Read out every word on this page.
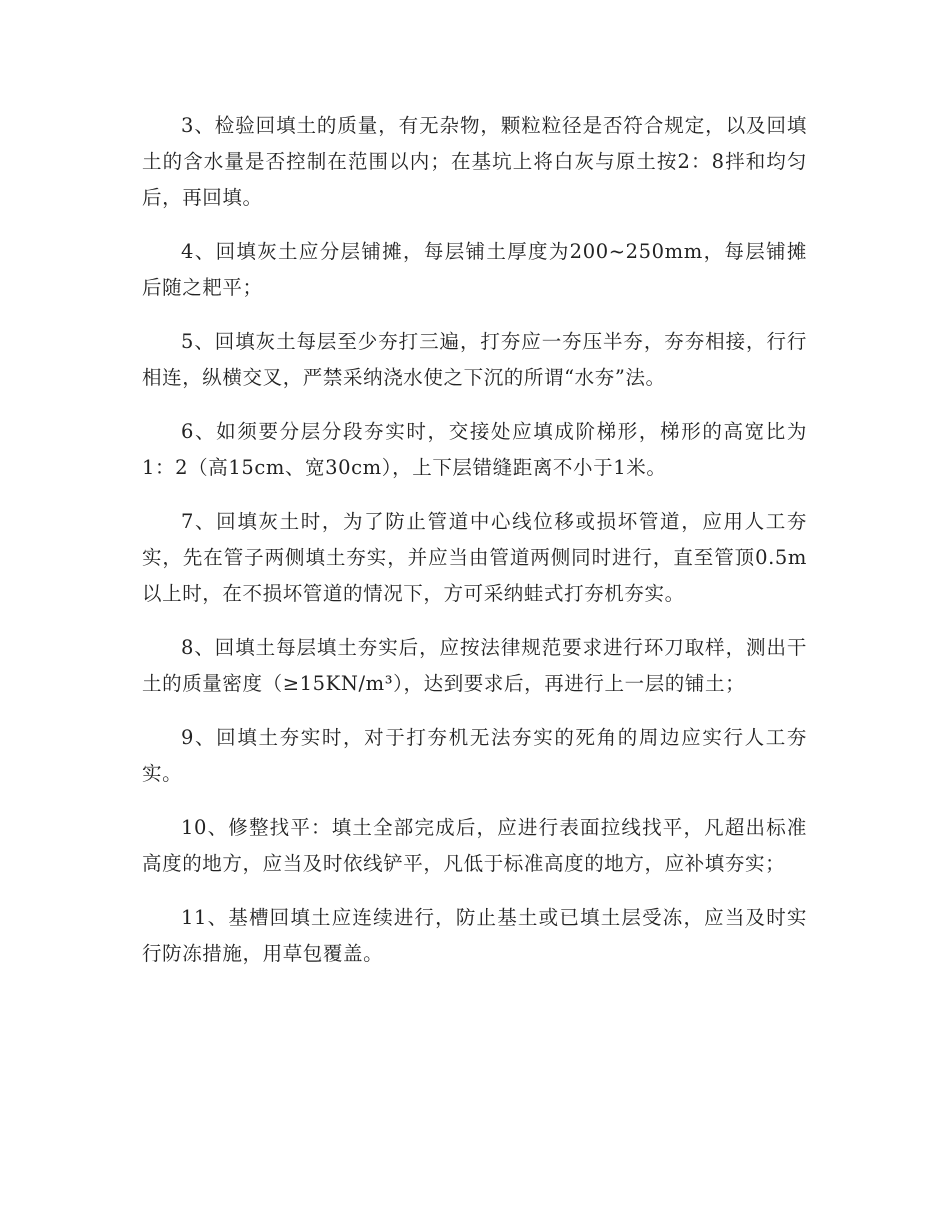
3、检验回填土的质量，有无杂物，颗粒粒径是否符合规定，以及回填土的含水量是否控制在范围以内；在基坑上将白灰与原土按2：8拌和均匀后，再回填。

4、回填灰土应分层铺摊，每层铺土厚度为200~250mm，每层铺摊后随之耙平；

5、回填灰土每层至少夯打三遍，打夯应一夯压半夯，夯夯相接，行行相连，纵横交叉，严禁采纳浇水使之下沉的所谓“水夯”法。

6、如须要分层分段夯实时，交接处应填成阶梯形，梯形的高宽比为1：2（高15cm、宽30cm），上下层错缝距离不小于1米。

7、回填灰土时，为了防止管道中心线位移或损坏管道，应用人工夯实，先在管子两侧填土夯实，并应当由管道两侧同时进行，直至管顶0.5m以上时，在不损坏管道的情况下，方可采纳蛙式打夯机夯实。

8、回填土每层填土夯实后，应按法律规范要求进行环刀取样，测出干土的质量密度（≥15KN/m³），达到要求后，再进行上一层的铺土；

9、回填土夯实时，对于打夯机无法夯实的死角的周边应实行人工夯实。

10、修整找平：填土全部完成后，应进行表面拉线找平，凡超出标准高度的地方，应当及时依线铲平，凡低于标准高度的地方，应补填夯实；

11、基槽回填土应连续进行，防止基土或已填土层受冻，应当及时实行防冻措施，用草包覆盖。
